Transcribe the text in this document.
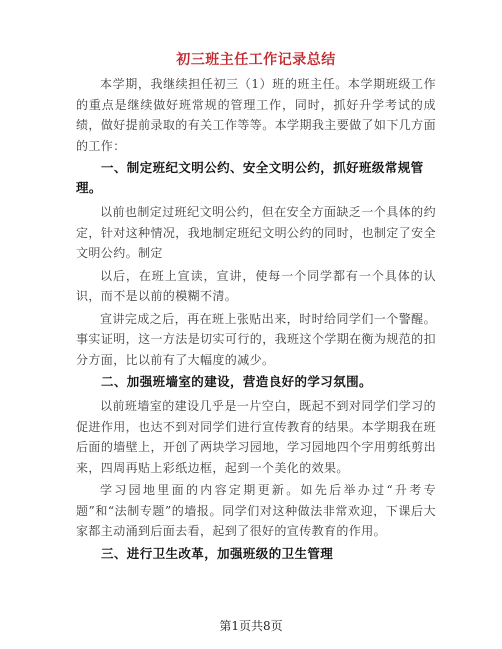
初三班主任工作记录总结

本学期，我继续担任初三（1）班的班主任。本学期班级工作的重点是继续做好班常规的管理工作，同时，抓好升学考试的成绩，做好提前录取的有关工作等等。本学期我主要做了如下几方面的工作：

一、制定班纪文明公约、安全文明公约，抓好班级常规管理。

以前也制定过班纪文明公约，但在安全方面缺乏一个具体的约定，针对这种情况，我地制定班纪文明公约的同时，也制定了安全文明公约。制定

以后，在班上宣读，宣讲，使每一个同学都有一个具体的认识，而不是以前的模糊不清。

宣讲完成之后，再在班上张贴出来，时时给同学们一个警醒。事实证明，这一方法是切实可行的，我班这个学期在衡为规范的扣分方面，比以前有了大幅度的减少。

二、加强班墙室的建设，营造良好的学习氛围。

以前班墙室的建设几乎是一片空白，既起不到对同学们学习的促进作用，也达不到对同学们进行宣传教育的结果。本学期我在班后面的墙壁上，开创了两块学习园地，学习园地四个字用剪纸剪出来，四周再贴上彩纸边框，起到一个美化的效果。

学习园地里面的内容定期更新。如先后举办过“升考专题”和“法制专题”的墙报。同学们对这种做法非常欢迎，下课后大家都主动涌到后面去看，起到了很好的宣传教育的作用。

三、进行卫生改革，加强班级的卫生管理

第1页共8页
